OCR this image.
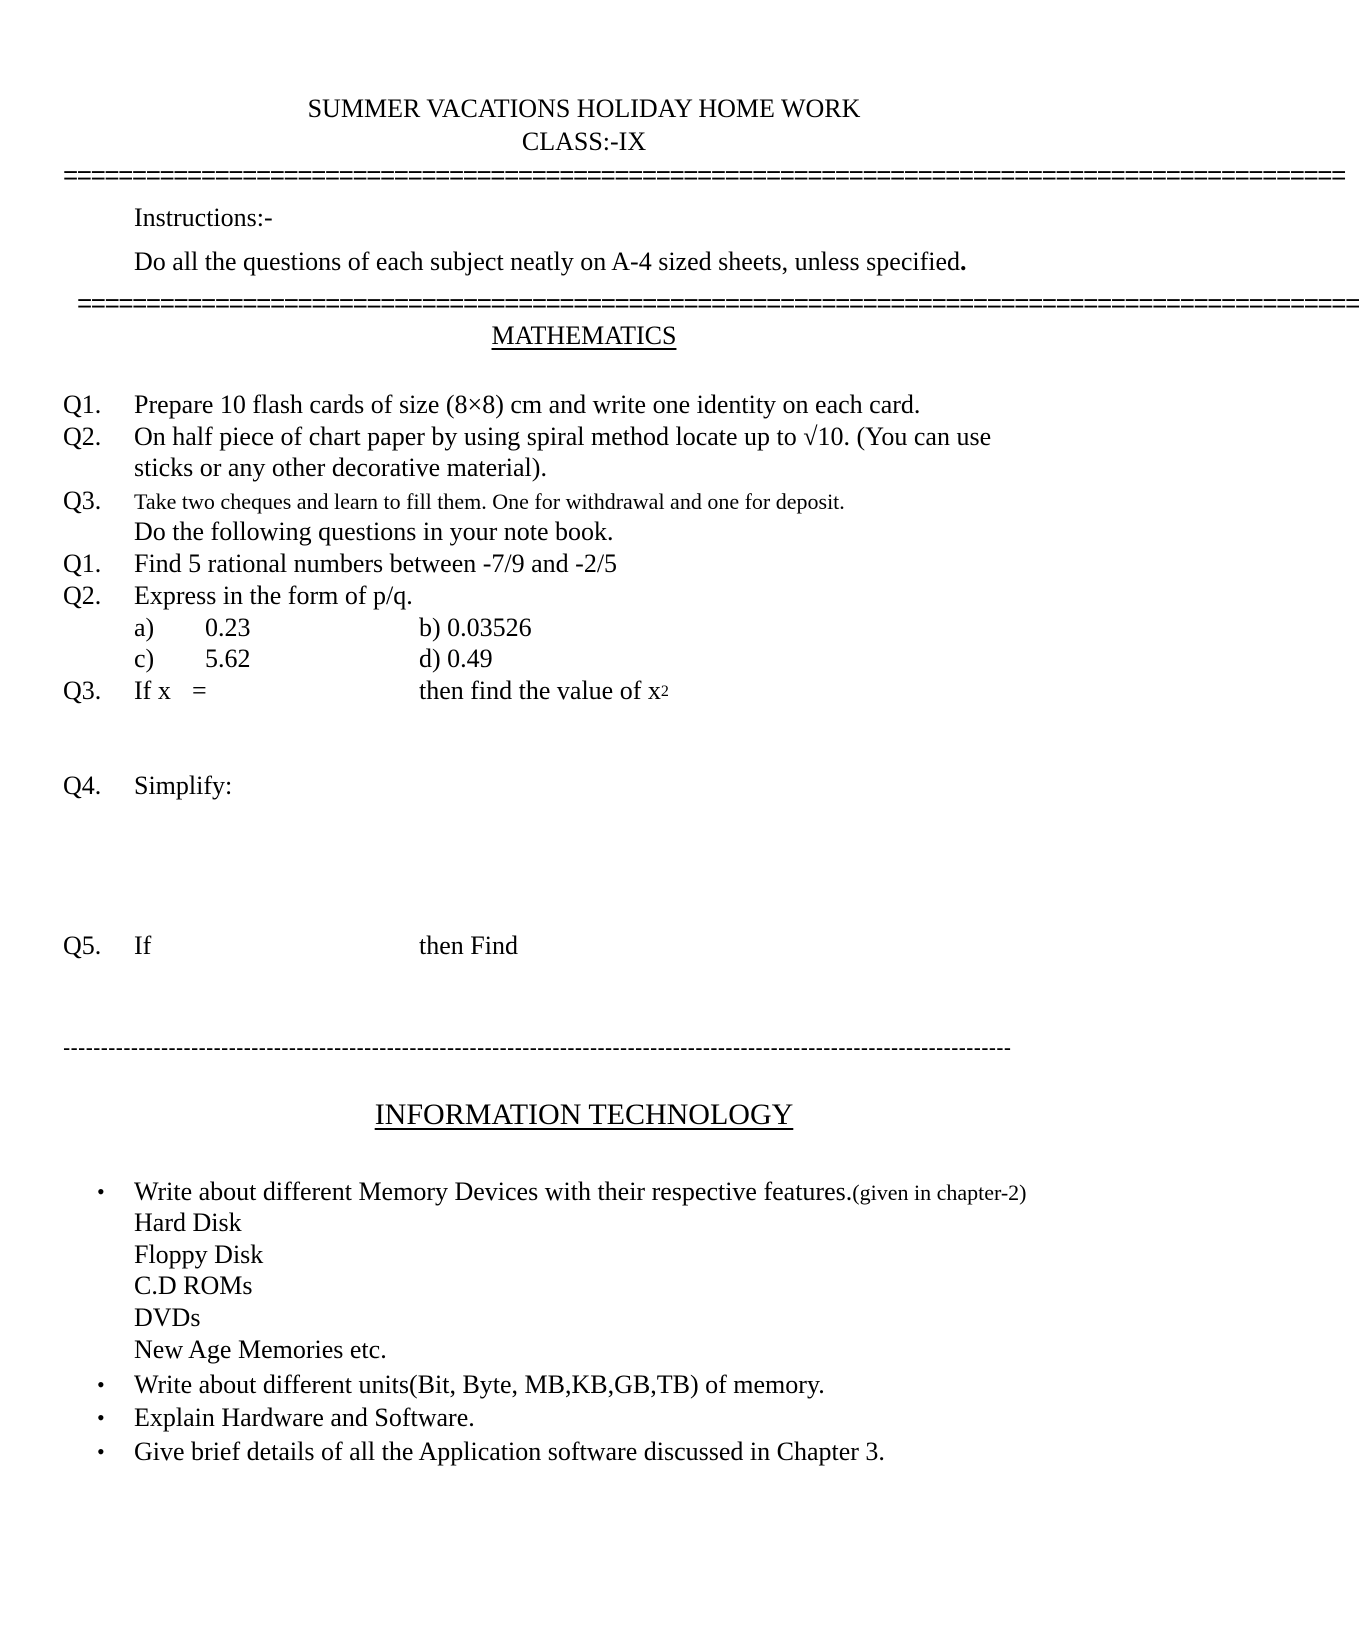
SUMMER VACATIONS HOLIDAY HOME WORK
CLASS:-IX
=============================================================================================
Instructions:-
Do all the questions of each subject neatly on A-4 sized sheets, unless specified.
=============================================================================================
MATHEMATICS
Q1. Prepare 10 flash cards of size (8×8) cm and write one identity on each card.
Q2. On half piece of chart paper by using spiral method locate up to √10. (You can use
sticks or any other decorative material).
Q3. Take two cheques and learn to fill them. One for withdrawal and one for deposit.
Do the following questions in your note book.
Q1. Find 5 rational numbers between -7/9 and -2/5
Q2. Express in the form of p/q.
a) 0.23	b) 0.03526
c) 5.62	d) 0.49
Q3. If x =	then find the value of $x^2$
Q4. Simplify:
Q5. If	then Find
------------------------------------------------------------------------------------------------------------------------------
INFORMATION TECHNOLOGY
• Write about different Memory Devices with their respective features.(given in chapter-2)
Hard Disk
Floppy Disk
C.D ROMs
DVDs
New Age Memories etc.
• Write about different units(Bit, Byte, MB,KB,GB,TB) of memory.
• Explain Hardware and Software.
• Give brief details of all the Application software discussed in Chapter 3.
